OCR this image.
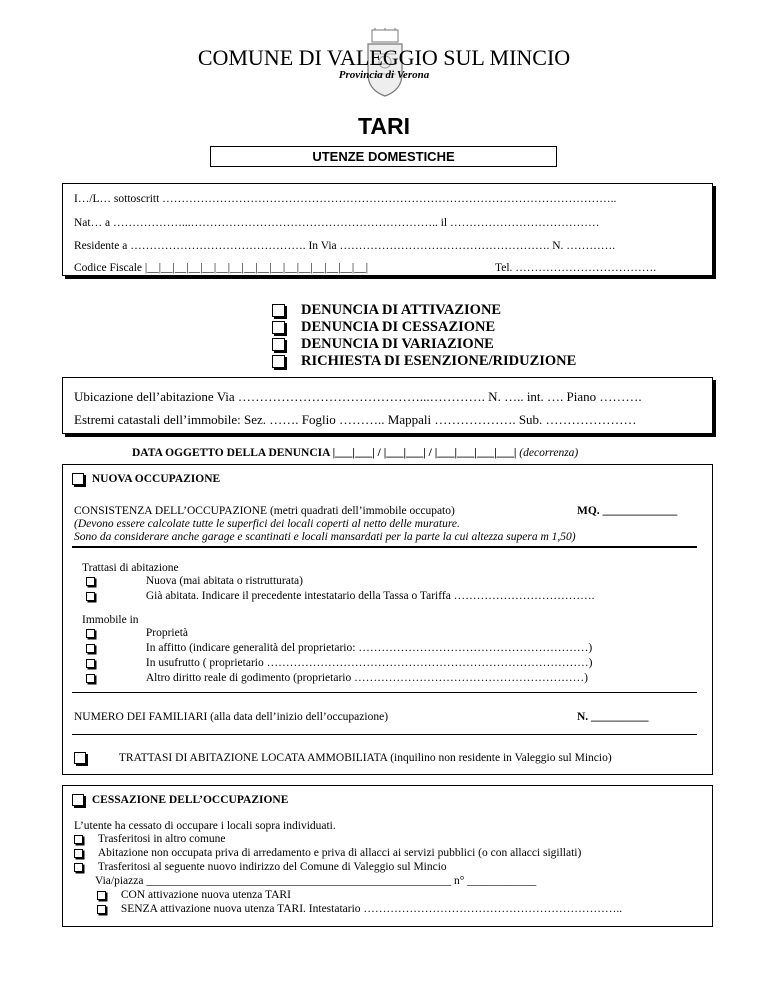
COMUNE DI VALEGGIO SUL MINCIO
Provincia di Verona
TARI
UTENZE DOMESTICHE
I…/L… sottoscritt ………………………………………………………………………………………………………..
Nat… a ………………...……………………………………………………….. il …………………………………
Residente a ………………………………………. In Via ………………………………………………. N. ………….
Codice Fiscale |__|__|__|__|__|__|__|__|__|__|__|__|__|__|__|__|	Tel. ……………………………….
DENUNCIA DI ATTIVAZIONE
DENUNCIA DI CESSAZIONE
DENUNCIA DI VARIAZIONE
RICHIESTA DI ESENZIONE/RIDUZIONE
Ubicazione dell’abitazione Via ……………………………………...…………. N. ….. int. …. Piano ……….
Estremi catastali dell’immobile: Sez. ……. Foglio ……….. Mappali ………………. Sub. …………………
DATA OGGETTO DELLA DENUNCIA |___|___| / |___|___| / |___|___|___|___| (decorrenza)
NUOVA OCCUPAZIONE
CONSISTENZA DELL’OCCUPAZIONE (metri quadrati dell’immobile occupato)	MQ. _____________
(Devono essere calcolate tutte le superfici dei locali coperti al netto delle murature.
Sono da considerare anche garage e scantinati e locali mansardati per la parte la cui altezza supera m 1,50)
Trattasi di abitazione
Nuova (mai abitata o ristrutturata)
Già abitata. Indicare il precedente intestatario della Tassa o Tariffa ……………………………….
Immobile in
Proprietà
In affitto (indicare generalità del proprietario: ……………………………………………………)
In usufrutto ( proprietario …………………………………………………………………………)
Altro diritto reale di godimento (proprietario ……………………………………………………)
NUMERO DEI FAMILIARI (alla data dell’inizio dell’occupazione)	N. __________
TRATTASI DI ABITAZIONE LOCATA AMMOBILIATA (inquilino non residente in Valeggio sul Mincio)
CESSAZIONE DELL’OCCUPAZIONE
L’utente ha cessato di occupare i locali sopra individuati.
Trasferitosi in altro comune
Abitazione non occupata priva di arredamento e priva di allacci ai servizi pubblici (o con allacci sigillati)
Trasferitosi al seguente nuovo indirizzo del Comune di Valeggio sul Mincio
Via/piazza _____________________________________________________ n° ____________
CON attivazione nuova utenza TARI
SENZA attivazione nuova utenza TARI. Intestatario …………………………………………………………..
